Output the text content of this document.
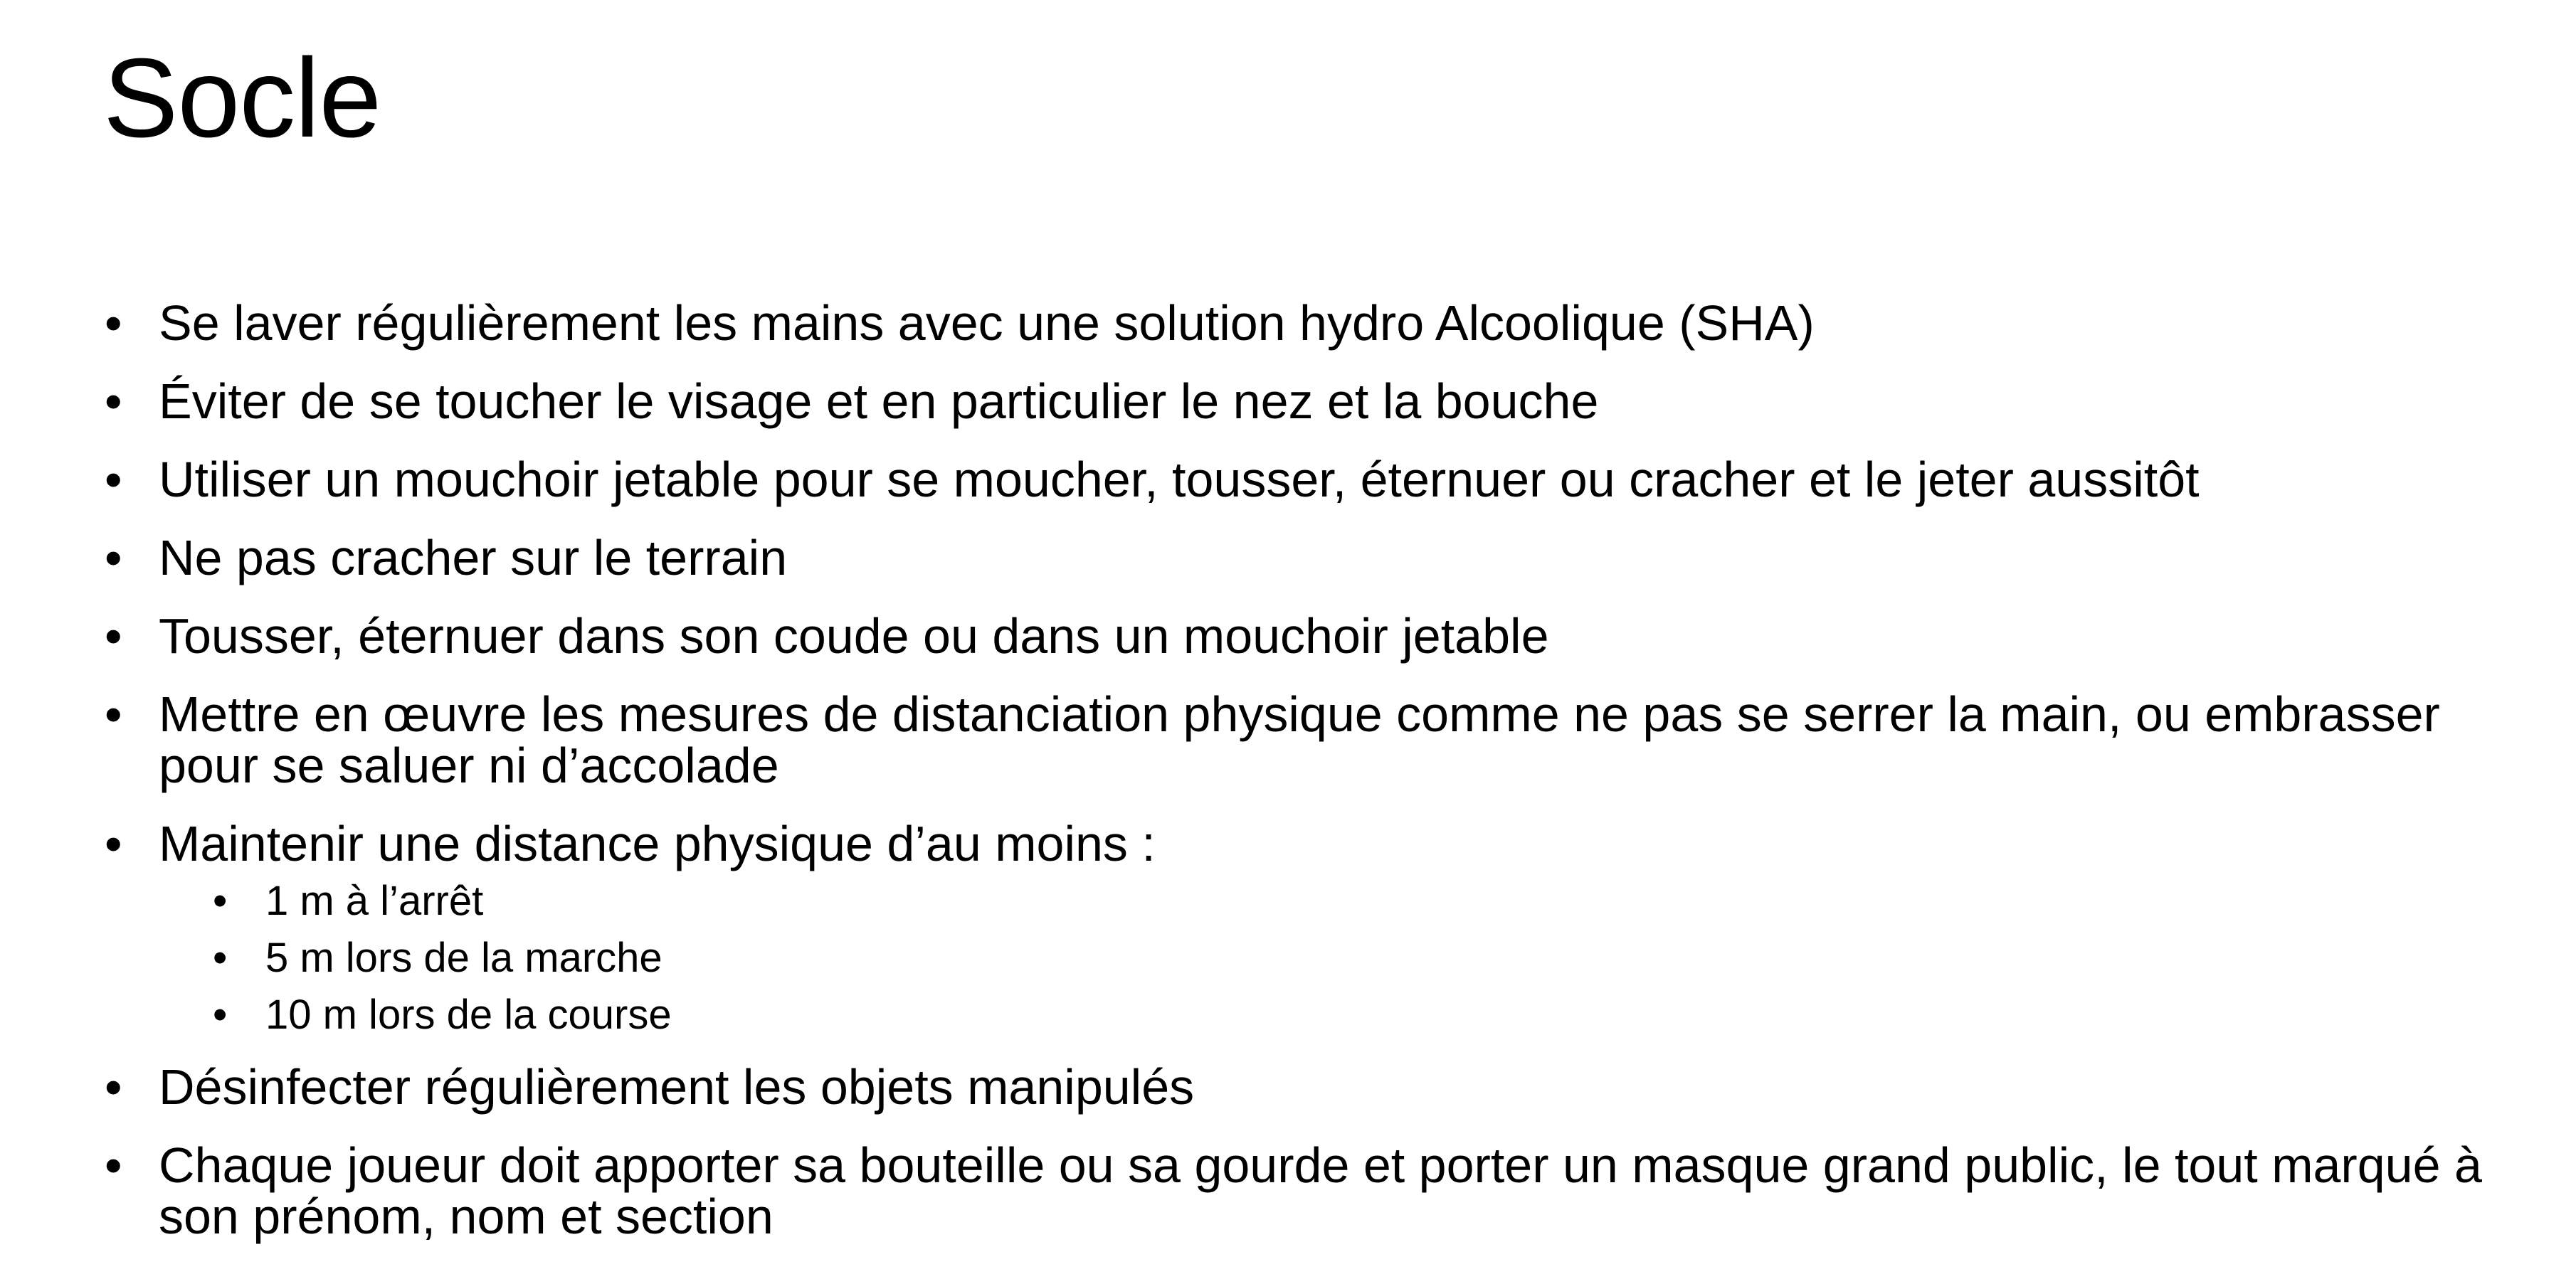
Socle
• Se laver régulièrement les mains avec une solution hydro Alcoolique (SHA)
• Éviter de se toucher le visage et en particulier le nez et la bouche
• Utiliser un mouchoir jetable pour se moucher, tousser, éternuer ou cracher et le jeter aussitôt
• Ne pas cracher sur le terrain
• Tousser, éternuer dans son coude ou dans un mouchoir jetable
• Mettre en œuvre les mesures de distanciation physique comme ne pas se serrer la main, ou embrasser pour se saluer ni d’accolade
• Maintenir une distance physique d’au moins :
• 1 m à l’arrêt
• 5 m lors de la marche
• 10 m lors de la course
• Désinfecter régulièrement les objets manipulés
• Chaque joueur doit apporter sa bouteille ou sa gourde et porter un masque grand public, le tout marqué à son prénom, nom et section
